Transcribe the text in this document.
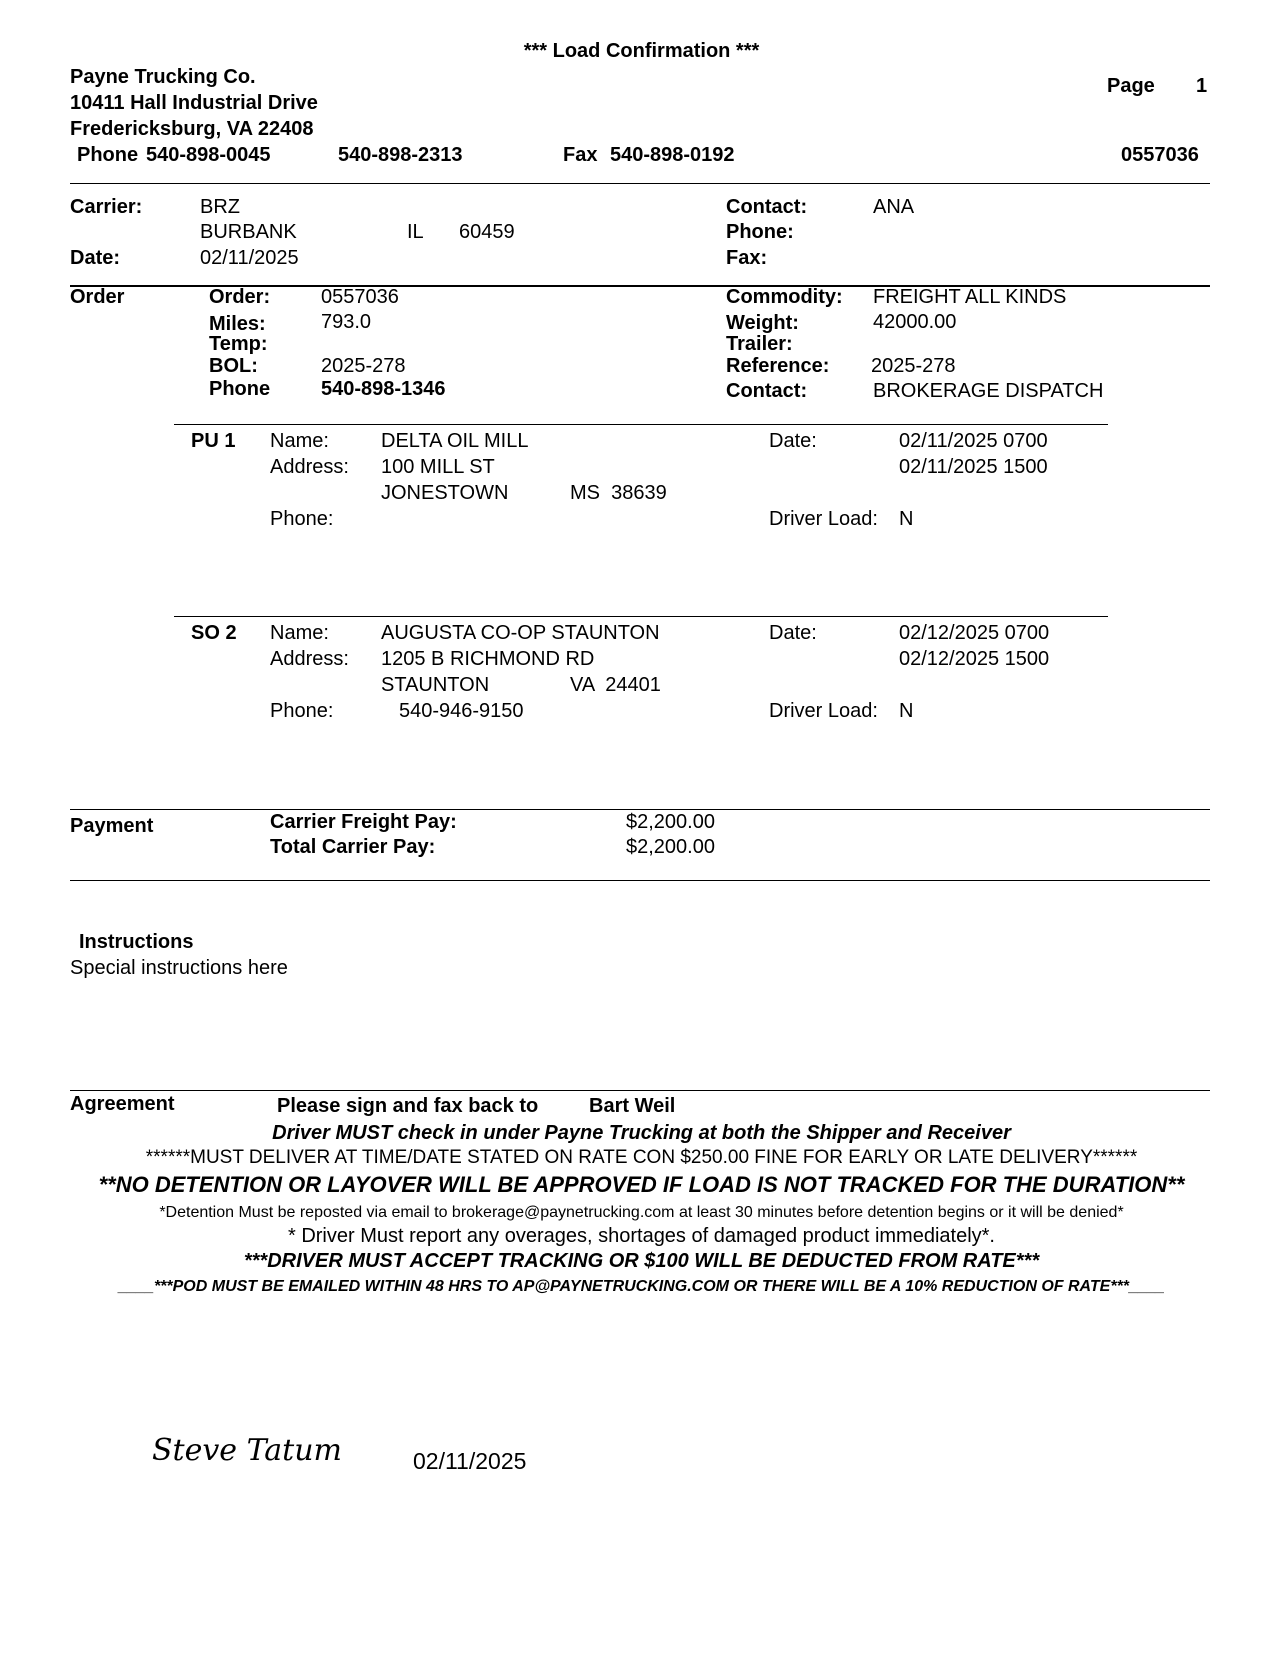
*** Load Confirmation ***
Payne Trucking Co.
10411 Hall Industrial Drive
Fredericksburg, VA 22408
Phone 540-898-0045	540-898-2313	Fax 540-898-0192
Page 1
0557036
Carrier:	BRZ
BURBANK	IL 60459
Date:	02/11/2025
Contact:	ANA
Phone:
Fax:
Order	Order:	0557036
Miles:	793.0
Temp:
BOL:	2025-278
Phone	540-898-1346
Commodity: FREIGHT ALL KINDS
Weight:	42000.00
Trailer:
Reference: 2025-278
Contact:	BROKERAGE DISPATCH
PU 1 Name:	DELTA OIL MILL
Address: 100 MILL ST
JONESTOWN	MS  38639
Phone:
Date:	02/11/2025 0700
02/11/2025 1500
Driver Load: N
SO 2 Name:	AUGUSTA CO-OP STAUNTON
Address: 1205 B RICHMOND RD
STAUNTON	VA  24401
Phone:	540-946-9150
Date:	02/12/2025 0700
02/12/2025 1500
Driver Load: N
Payment	Carrier Freight Pay:	$2,200.00
Total Carrier Pay:	$2,200.00
Instructions
Special instructions here
Agreement	Please sign and fax back to	Bart Weil
Driver MUST check in under Payne Trucking at both the Shipper and Receiver
******MUST DELIVER AT TIME/DATE STATED ON RATE CON $250.00 FINE FOR EARLY OR LATE DELIVERY******
**NO DETENTION OR LAYOVER WILL BE APPROVED IF LOAD IS NOT TRACKED FOR THE DURATION**
*Detention Must be reposted via email to brokerage@paynetrucking.com at least 30 minutes before detention begins or it will be denied*
* Driver Must report any overages, shortages of damaged product immediately*.
***DRIVER MUST ACCEPT TRACKING OR $100 WILL BE DEDUCTED FROM RATE***
____***POD MUST BE EMAILED WITHIN 48 HRS TO AP@PAYNETRUCKING.COM OR THERE WILL BE A 10% REDUCTION OF RATE***____
Steve Tatum	02/11/2025
